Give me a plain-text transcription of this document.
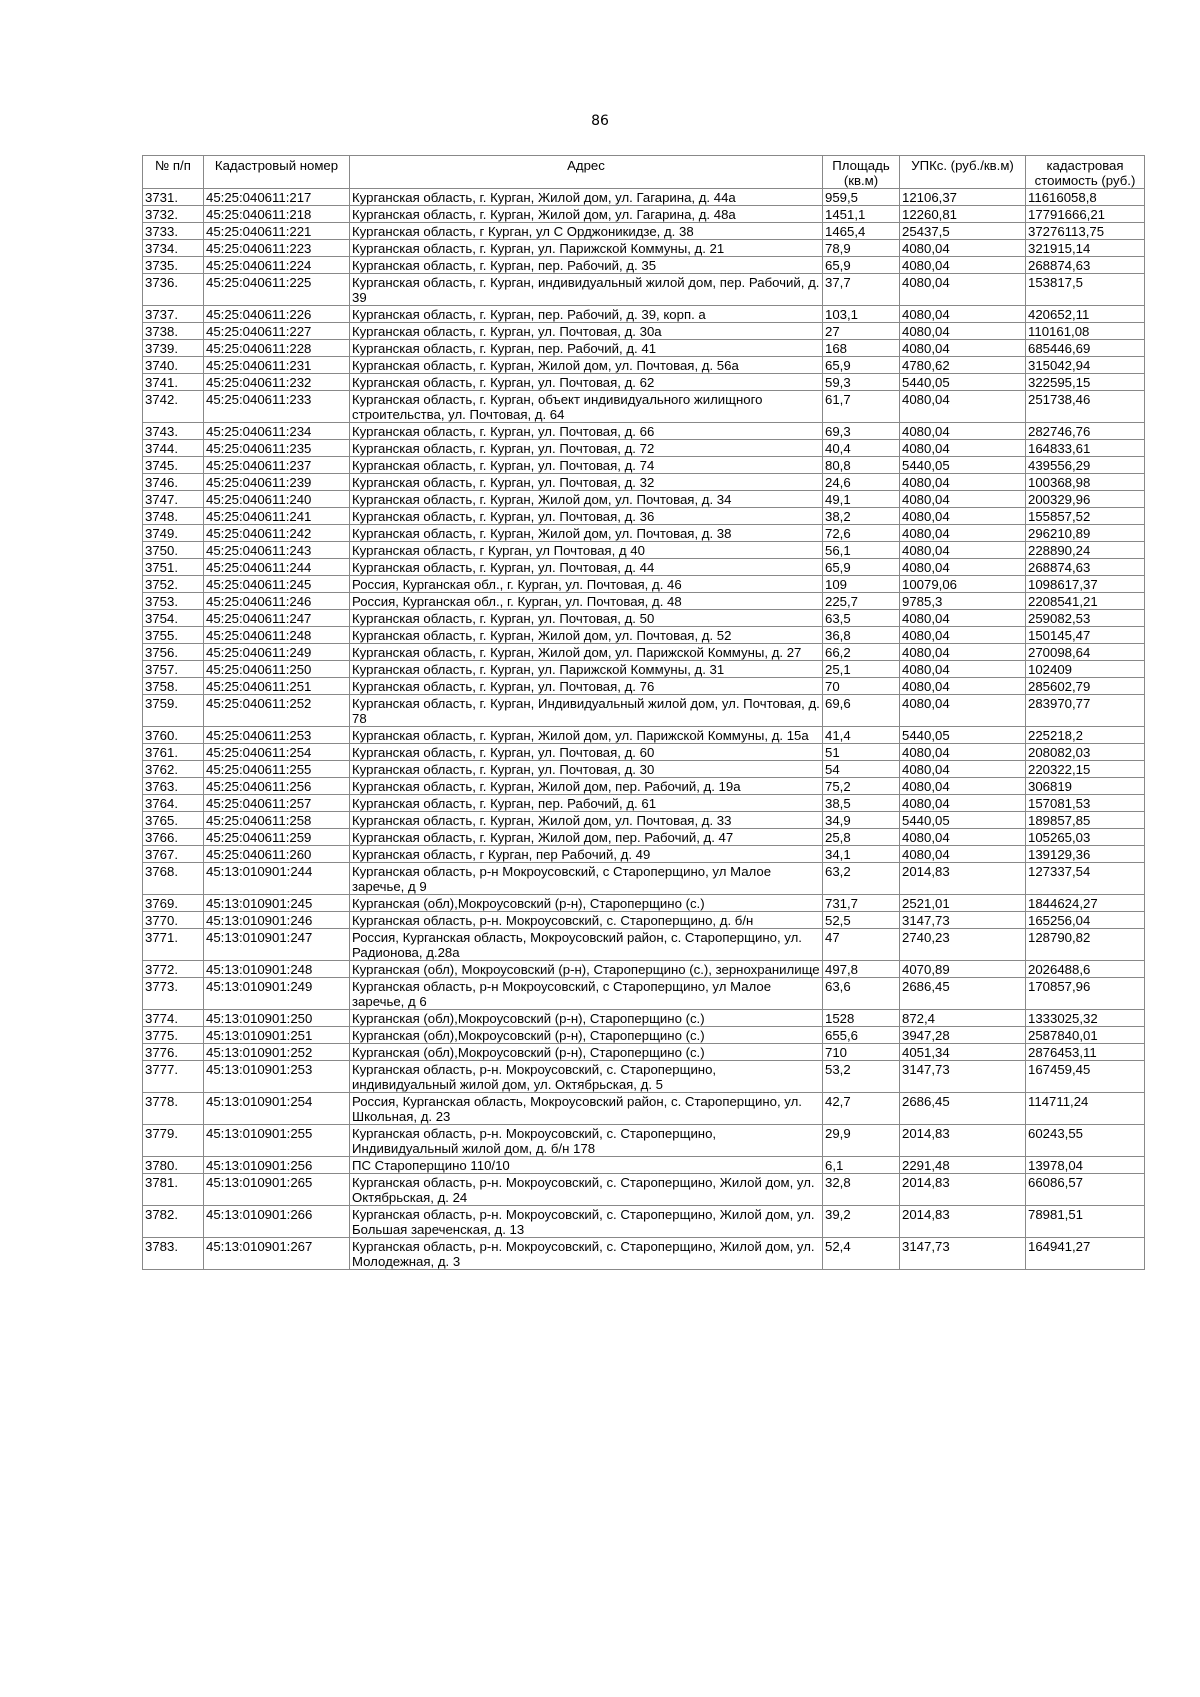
86
№ п/п	Кадастровый номер	Адрес	Площадь (кв.м)	УПКс. (руб./кв.м)	кадастровая стоимость (руб.)
3731.	45:25:040611:217	Курганская область, г. Курган, Жилой дом, ул. Гагарина, д. 44а	959,5	12106,37	11616058,8
3732.	45:25:040611:218	Курганская область, г. Курган, Жилой дом, ул. Гагарина, д. 48а	1451,1	12260,81	17791666,21
3733.	45:25:040611:221	Курганская область, г Курган, ул С Орджоникидзе, д. 38	1465,4	25437,5	37276113,75
3734.	45:25:040611:223	Курганская область, г. Курган, ул. Парижской Коммуны, д. 21	78,9	4080,04	321915,14
3735.	45:25:040611:224	Курганская область, г. Курган, пер. Рабочий, д. 35	65,9	4080,04	268874,63
3736.	45:25:040611:225	Курганская область, г. Курган, индивидуальный жилой дом, пер. Рабочий, д. 39	37,7	4080,04	153817,5
3737.	45:25:040611:226	Курганская область, г. Курган, пер. Рабочий, д. 39, корп. а	103,1	4080,04	420652,11
3738.	45:25:040611:227	Курганская область, г. Курган, ул. Почтовая, д. 30а	27	4080,04	110161,08
3739.	45:25:040611:228	Курганская область, г. Курган, пер. Рабочий, д. 41	168	4080,04	685446,69
3740.	45:25:040611:231	Курганская область, г. Курган, Жилой дом, ул. Почтовая, д. 56а	65,9	4780,62	315042,94
3741.	45:25:040611:232	Курганская область, г. Курган, ул. Почтовая, д. 62	59,3	5440,05	322595,15
3742.	45:25:040611:233	Курганская область, г. Курган, объект индивидуального жилищного строительства, ул. Почтовая, д. 64	61,7	4080,04	251738,46
3743.	45:25:040611:234	Курганская область, г. Курган, ул. Почтовая, д. 66	69,3	4080,04	282746,76
3744.	45:25:040611:235	Курганская область, г. Курган, ул. Почтовая, д. 72	40,4	4080,04	164833,61
3745.	45:25:040611:237	Курганская область, г. Курган, ул. Почтовая, д. 74	80,8	5440,05	439556,29
3746.	45:25:040611:239	Курганская область, г. Курган, ул. Почтовая, д. 32	24,6	4080,04	100368,98
3747.	45:25:040611:240	Курганская область, г. Курган, Жилой дом, ул. Почтовая, д. 34	49,1	4080,04	200329,96
3748.	45:25:040611:241	Курганская область, г. Курган, ул. Почтовая, д. 36	38,2	4080,04	155857,52
3749.	45:25:040611:242	Курганская область, г. Курган, Жилой дом, ул. Почтовая, д. 38	72,6	4080,04	296210,89
3750.	45:25:040611:243	Курганская область, г Курган, ул Почтовая, д 40	56,1	4080,04	228890,24
3751.	45:25:040611:244	Курганская область, г. Курган, ул. Почтовая, д. 44	65,9	4080,04	268874,63
3752.	45:25:040611:245	Россия, Курганская обл., г. Курган, ул. Почтовая, д. 46	109	10079,06	1098617,37
3753.	45:25:040611:246	Россия, Курганская обл., г. Курган, ул. Почтовая, д. 48	225,7	9785,3	2208541,21
3754.	45:25:040611:247	Курганская область, г. Курган, ул. Почтовая, д. 50	63,5	4080,04	259082,53
3755.	45:25:040611:248	Курганская область, г. Курган, Жилой дом, ул. Почтовая, д. 52	36,8	4080,04	150145,47
3756.	45:25:040611:249	Курганская область, г. Курган, Жилой дом, ул. Парижской Коммуны, д. 27	66,2	4080,04	270098,64
3757.	45:25:040611:250	Курганская область, г. Курган, ул. Парижской Коммуны, д. 31	25,1	4080,04	102409
3758.	45:25:040611:251	Курганская область, г. Курган, ул. Почтовая, д. 76	70	4080,04	285602,79
3759.	45:25:040611:252	Курганская область, г. Курган, Индивидуальный жилой дом, ул. Почтовая, д. 78	69,6	4080,04	283970,77
3760.	45:25:040611:253	Курганская область, г. Курган, Жилой дом, ул. Парижской Коммуны, д. 15а	41,4	5440,05	225218,2
3761.	45:25:040611:254	Курганская область, г. Курган, ул. Почтовая, д. 60	51	4080,04	208082,03
3762.	45:25:040611:255	Курганская область, г. Курган, ул. Почтовая, д. 30	54	4080,04	220322,15
3763.	45:25:040611:256	Курганская область, г. Курган, Жилой дом, пер. Рабочий, д. 19а	75,2	4080,04	306819
3764.	45:25:040611:257	Курганская область, г. Курган, пер. Рабочий, д. 61	38,5	4080,04	157081,53
3765.	45:25:040611:258	Курганская область, г. Курган, Жилой дом, ул. Почтовая, д. 33	34,9	5440,05	189857,85
3766.	45:25:040611:259	Курганская область, г. Курган, Жилой дом, пер. Рабочий, д. 47	25,8	4080,04	105265,03
3767.	45:25:040611:260	Курганская область, г Курган, пер Рабочий, д. 49	34,1	4080,04	139129,36
3768.	45:13:010901:244	Курганская область, р-н Мокроусовский, с Староперщино, ул Малое заречье, д 9	63,2	2014,83	127337,54
3769.	45:13:010901:245	Курганская (обл),Мокроусовский (р-н), Староперщино (с.)	731,7	2521,01	1844624,27
3770.	45:13:010901:246	Курганская область, р-н. Мокроусовский, с. Староперщино, д. б/н	52,5	3147,73	165256,04
3771.	45:13:010901:247	Россия, Курганская область, Мокроусовский район, с. Староперщино, ул. Радионова, д.28а	47	2740,23	128790,82
3772.	45:13:010901:248	Курганская (обл), Мокроусовский (р-н), Староперщино (с.), зернохранилище	497,8	4070,89	2026488,6
3773.	45:13:010901:249	Курганская область, р-н Мокроусовский, с Староперщино, ул Малое заречье, д 6	63,6	2686,45	170857,96
3774.	45:13:010901:250	Курганская (обл),Мокроусовский (р-н), Староперщино (с.)	1528	872,4	1333025,32
3775.	45:13:010901:251	Курганская (обл),Мокроусовский (р-н), Староперщино (с.)	655,6	3947,28	2587840,01
3776.	45:13:010901:252	Курганская (обл),Мокроусовский (р-н), Староперщино (с.)	710	4051,34	2876453,11
3777.	45:13:010901:253	Курганская область, р-н. Мокроусовский, с. Староперщино, индивидуальный жилой дом, ул. Октябрьская, д. 5	53,2	3147,73	167459,45
3778.	45:13:010901:254	Россия, Курганская область, Мокроусовский район, с. Староперщино, ул. Школьная, д. 23	42,7	2686,45	114711,24
3779.	45:13:010901:255	Курганская область, р-н. Мокроусовский, с. Староперщино, Индивидуальный жилой дом, д. б/н 178	29,9	2014,83	60243,55
3780.	45:13:010901:256	ПС Староперщино 110/10	6,1	2291,48	13978,04
3781.	45:13:010901:265	Курганская область, р-н. Мокроусовский, с. Староперщино, Жилой дом, ул. Октябрьская, д. 24	32,8	2014,83	66086,57
3782.	45:13:010901:266	Курганская область, р-н. Мокроусовский, с. Староперщино, Жилой дом, ул. Большая зареченская, д. 13	39,2	2014,83	78981,51
3783.	45:13:010901:267	Курганская область, р-н. Мокроусовский, с. Староперщино, Жилой дом, ул. Молодежная, д. 3	52,4	3147,73	164941,27
